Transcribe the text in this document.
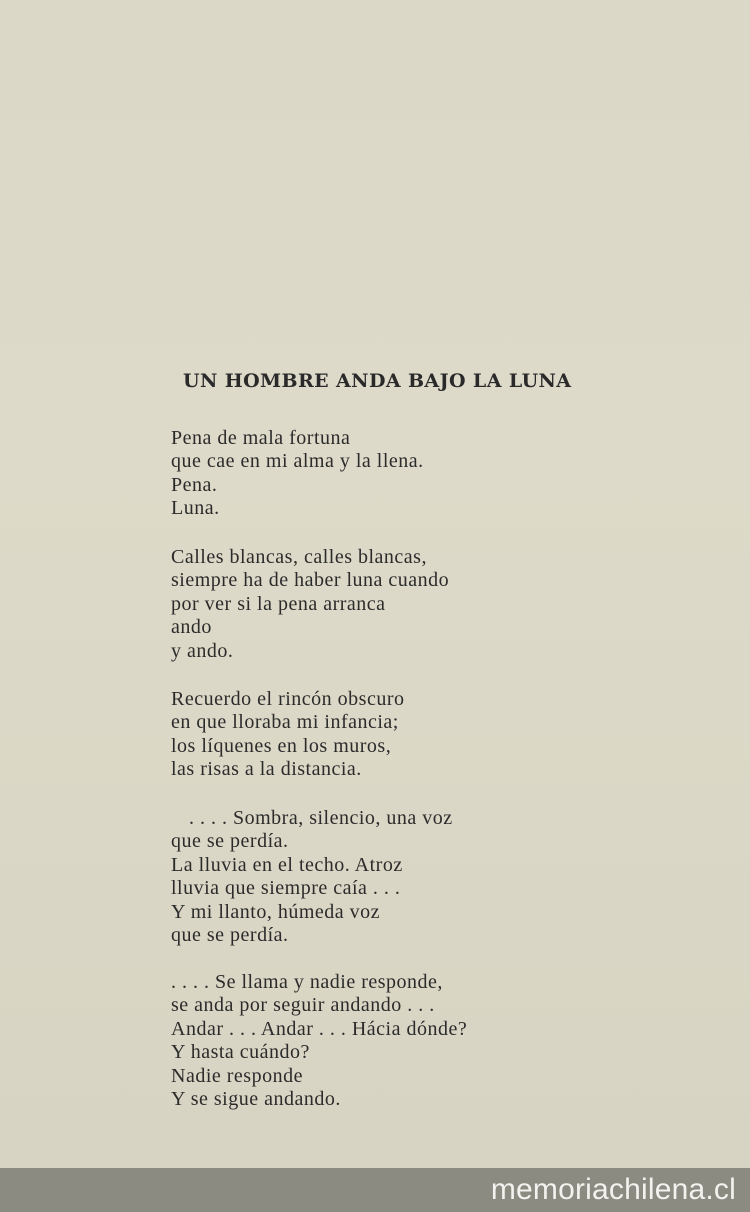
UN HOMBRE ANDA BAJO LA LUNA
Pena de mala fortuna
que cae en mi alma y la llena.
Pena.
Luna.
Calles blancas, calles blancas,
siempre ha de haber luna cuando
por ver si la pena arranca
ando
y ando.
Recuerdo el rincón obscuro
en que lloraba mi infancia;
los líquenes en los muros,
las risas a la distancia.
. . . . Sombra, silencio, una voz
que se perdía.
La lluvia en el techo. Atroz
lluvia que siempre caía . . .
Y mi llanto, húmeda voz
que se perdía.
. . . . Se llama y nadie responde,
se anda por seguir andando . . .
Andar . . . Andar . . . Hácia dónde?
Y hasta cuándo?
Nadie responde
Y se sigue andando.
memoriachilena.cl
